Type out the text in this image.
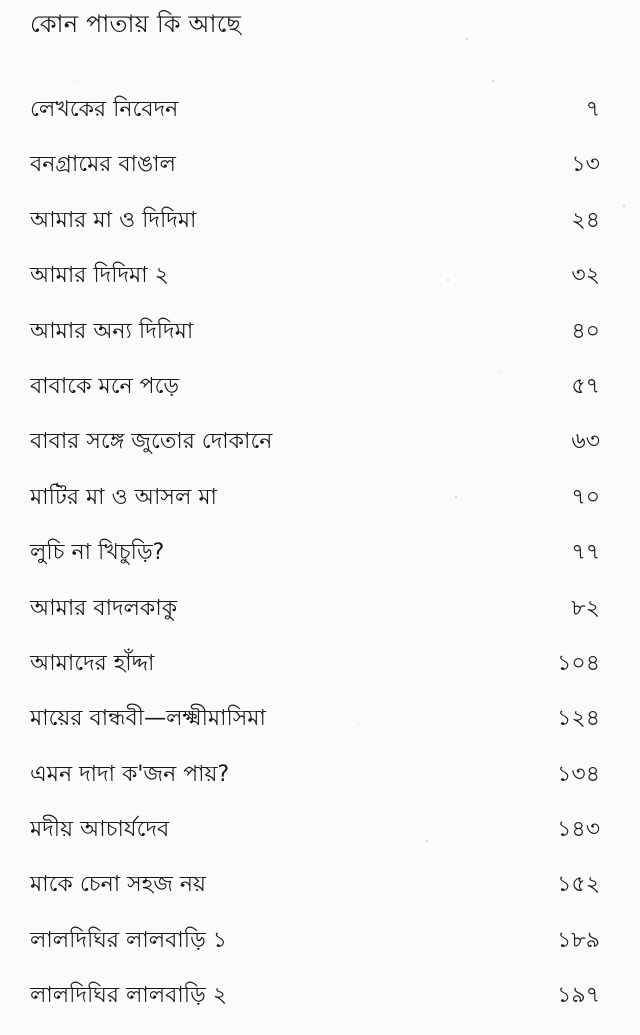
কোন পাতায় কি আছে
লেখকের নিবেদন	৭
বনগ্রামের বাঙাল	১৩
আমার মা ও দিদিমা	২৪
আমার দিদিমা ২	৩২
আমার অন্য দিদিমা	৪০
বাবাকে মনে পড়ে	৫৭
বাবার সঙ্গে জুতোর দোকানে	৬৩
মাটির মা ও আসল মা	৭০
লুচি না খিচুড়ি?	৭৭
আমার বাদলকাকু	৮২
আমাদের হাঁদ্দা	১০৪
মায়ের বান্ধবী—লক্ষ্মীমাসিমা	১২৪
এমন দাদা ক'জন পায়?	১৩৪
মদীয় আচার্যদেব	১৪৩
মাকে চেনা সহজ নয়	১৫২
লালদিঘির লালবাড়ি ১	১৮৯
লালদিঘির লালবাড়ি ২	১৯৭
